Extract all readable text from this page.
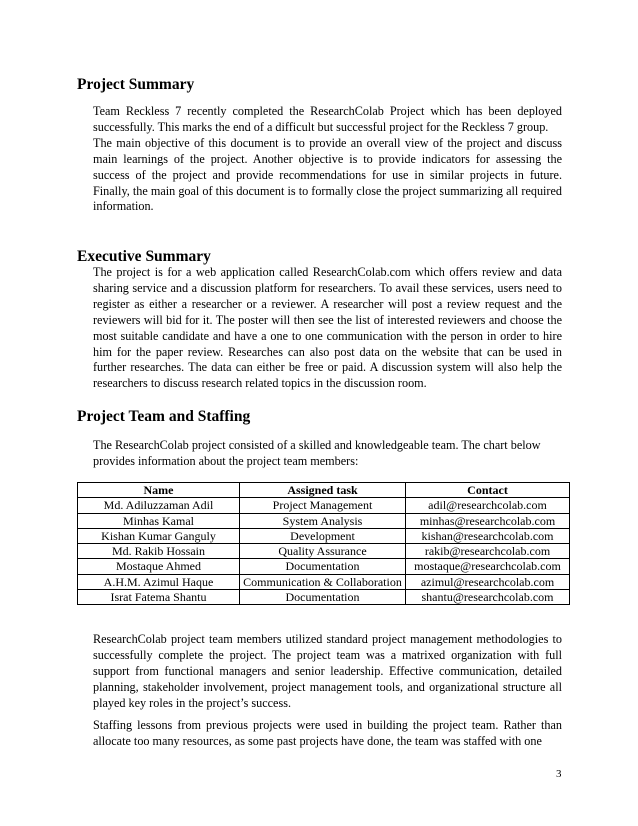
Project Summary

Team Reckless 7 recently completed the ResearchColab Project which has been deployed successfully. This marks the end of a difficult but successful project for the Reckless 7 group.

The main objective of this document is to provide an overall view of the project and discuss main learnings of the project. Another objective is to provide indicators for assessing the success of the project and provide recommendations for use in similar projects in future. Finally, the main goal of this document is to formally close the project summarizing all required information.

Executive Summary

The project is for a web application called ResearchColab.com which offers review and data sharing service and a discussion platform for researchers. To avail these services, users need to register as either a researcher or a reviewer. A researcher will post a review request and the reviewers will bid for it. The poster will then see the list of interested reviewers and choose the most suitable candidate and have a one to one communication with the person in order to hire him for the paper review. Researches can also post data on the website that can be used in further researches. The data can either be free or paid. A discussion system will also help the researchers to discuss research related topics in the discussion room.

Project Team and Staffing

The ResearchColab project consisted of a skilled and knowledgeable team. The chart below provides information about the project team members:

Name	Assigned task	Contact
Md. Adiluzzaman Adil	Project Management	adil@researchcolab.com
Minhas Kamal	System Analysis	minhas@researchcolab.com
Kishan Kumar Ganguly	Development	kishan@researchcolab.com
Md. Rakib Hossain	Quality Assurance	rakib@researchcolab.com
Mostaque Ahmed	Documentation	mostaque@researchcolab.com
A.H.M. Azimul Haque	Communication & Collaboration	azimul@researchcolab.com
Israt Fatema Shantu	Documentation	shantu@researchcolab.com

ResearchColab project team members utilized standard project management methodologies to successfully complete the project. The project team was a matrixed organization with full support from functional managers and senior leadership. Effective communication, detailed planning, stakeholder involvement, project management tools, and organizational structure all played key roles in the project’s success.

Staffing lessons from previous projects were used in building the project team. Rather than allocate too many resources, as some past projects have done, the team was staffed with one

3
